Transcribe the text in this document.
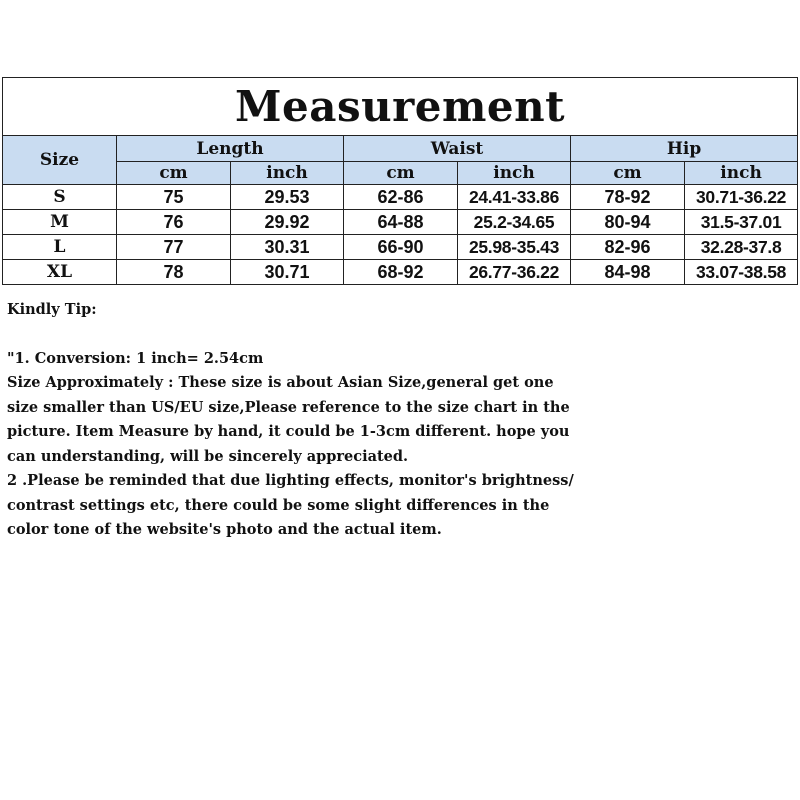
Measurement						
Size	Length		Waist		Hip	
	cm	inch	cm	inch	cm	inch
S	75	29.53	62-86	24.41-33.86	78-92	30.71-36.22
M	76	29.92	64-88	25.2-34.65	80-94	31.5-37.01
L	77	30.31	66-90	25.98-35.43	82-96	32.28-37.8
XL	78	30.71	68-92	26.77-36.22	84-98	33.07-38.58

Kindly Tip:

"1. Conversion: 1 inch= 2.54cm

Size Approximately : These size is about Asian Size,general get one

size smaller than US/EU size,Please reference to the size chart in the

picture. Item Measure by hand, it could be 1-3cm different. hope you

can understanding, will be sincerely appreciated.

2 .Please be reminded that due lighting effects, monitor's brightness/

contrast settings etc, there could be some slight differences in the

color tone of the website's photo and the actual item.
